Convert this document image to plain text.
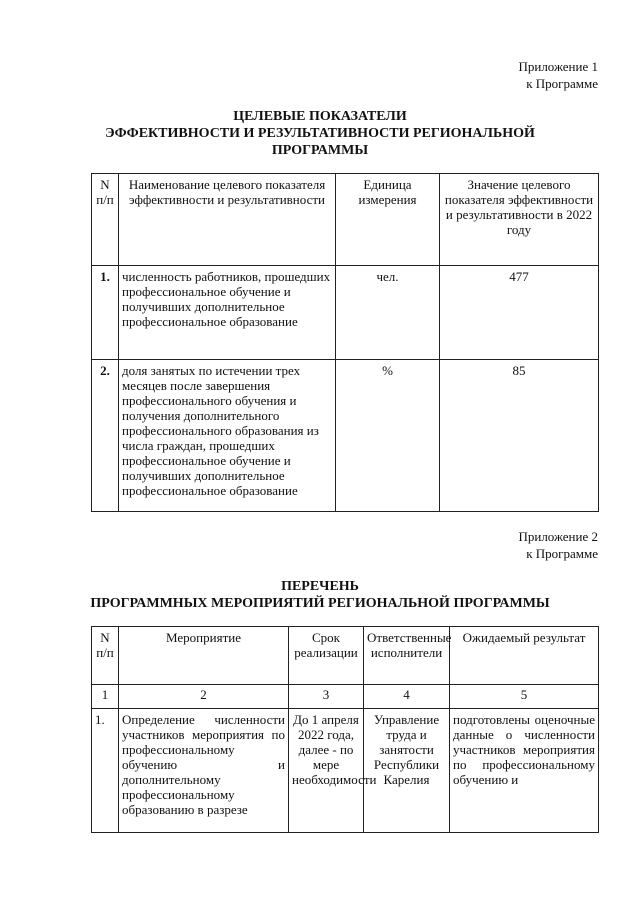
Приложение 1
к Программе
ЦЕЛЕВЫЕ ПОКАЗАТЕЛИ
ЭФФЕКТИВНОСТИ И РЕЗУЛЬТАТИВНОСТИ РЕГИОНАЛЬНОЙ
ПРОГРАММЫ
N п/п	Наименование целевого показателя эффективности и результативности	Единица измерения	Значение целевого показателя эффективности и результативности в 2022 году
1.	численность работников, прошедших профессиональное обучение и получивших дополнительное профессиональное образование	чел.	477
2.	доля занятых по истечении трех месяцев после завершения профессионального обучения и получения дополнительного профессионального образования из числа граждан, прошедших профессиональное обучение и получивших дополнительное профессиональное образование	%	85
Приложение 2
к Программе
ПЕРЕЧЕНЬ
ПРОГРАММНЫХ МЕРОПРИЯТИЙ РЕГИОНАЛЬНОЙ ПРОГРАММЫ
N п/п	Мероприятие	Срок реализации	Ответственные исполнители	Ожидаемый результат
1	2	3	4	5
1.	Определение численности участников мероприятия по профессиональному обучению и дополнительному профессиональному образованию в разрезе	До 1 апреля 2022 года, далее - по мере необходимости	Управление труда и занятости Республики Карелия	подготовлены оценочные данные о численности участников мероприятия по профессиональному обучению и
